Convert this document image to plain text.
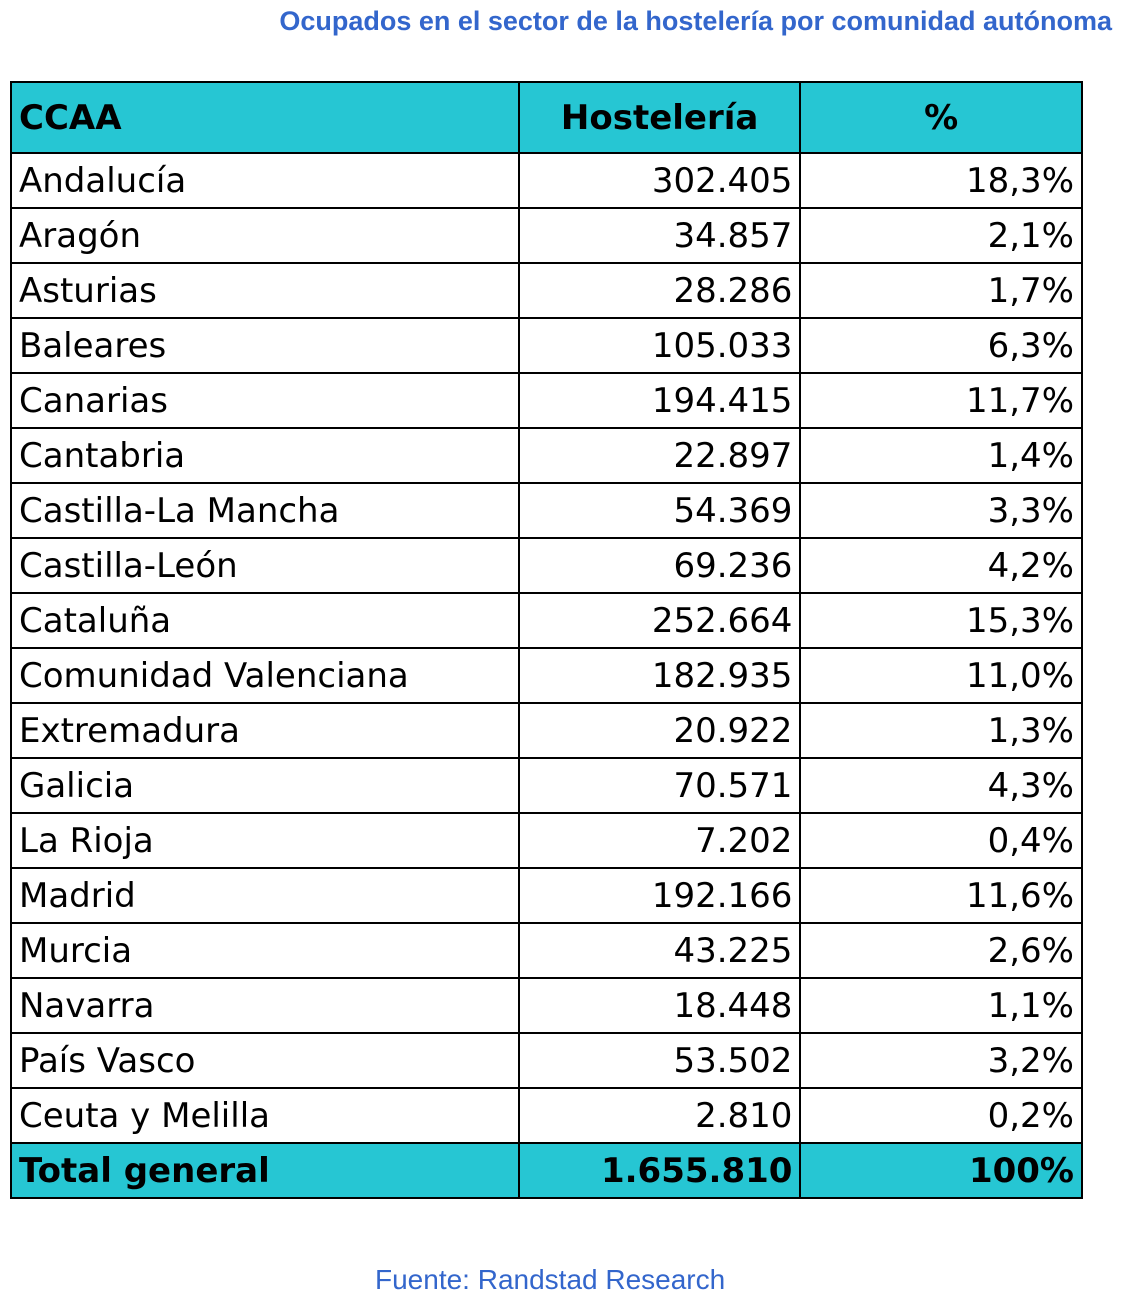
Ocupados en el sector de la hostelería por comunidad autónoma
CCAA	Hostelería	%
Andalucía	302.405	18,3%
Aragón	34.857	2,1%
Asturias	28.286	1,7%
Baleares	105.033	6,3%
Canarias	194.415	11,7%
Cantabria	22.897	1,4%
Castilla-La Mancha	54.369	3,3%
Castilla-León	69.236	4,2%
Cataluña	252.664	15,3%
Comunidad Valenciana	182.935	11,0%
Extremadura	20.922	1,3%
Galicia	70.571	4,3%
La Rioja	7.202	0,4%
Madrid	192.166	11,6%
Murcia	43.225	2,6%
Navarra	18.448	1,1%
País Vasco	53.502	3,2%
Ceuta y Melilla	2.810	0,2%
Total general	1.655.810	100%
Fuente: Randstad Research
